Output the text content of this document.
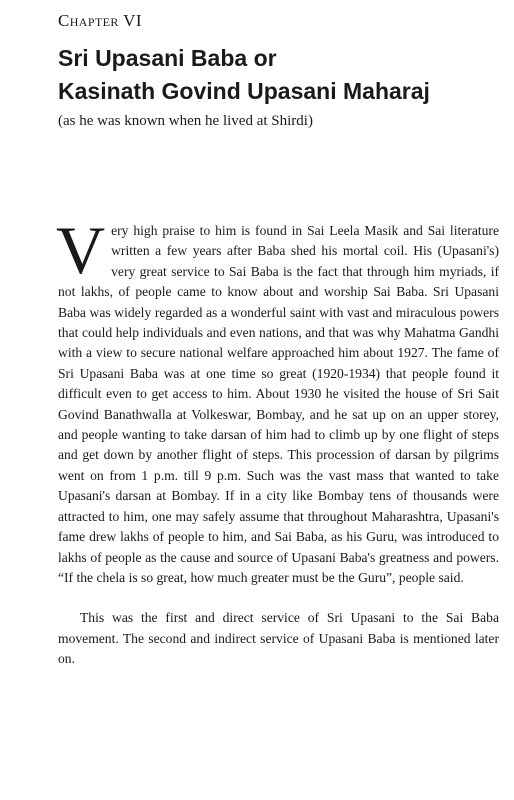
Chapter VI
Sri Upasani Baba or
Kasinath Govind Upasani Maharaj
(as he was known when he lived at Shirdi)

Very high praise to him is found in Sai Leela Masik and Sai literature written a few years after Baba shed his mortal coil. His (Upasani's) very great service to Sai Baba is the fact that through him myriads, if not lakhs, of people came to know about and worship Sai Baba. Sri Upasani Baba was widely regarded as a wonderful saint with vast and miraculous powers that could help individuals and even nations, and that was why Mahatma Gandhi with a view to secure national welfare approached him about 1927. The fame of Sri Upasani Baba was at one time so great (1920-1934) that people found it difficult even to get access to him. About 1930 he visited the house of Sri Sait Govind Banathwalla at Volkeswar, Bombay, and he sat up on an upper storey, and people wanting to take darsan of him had to climb up by one flight of steps and get down by another flight of steps. This procession of darsan by pilgrims went on from 1 p.m. till 9 p.m. Such was the vast mass that wanted to take Upasani's darsan at Bombay. If in a city like Bombay tens of thousands were attracted to him, one may safely assume that throughout Maharashtra, Upasani's fame drew lakhs of people to him, and Sai Baba, as his Guru, was introduced to lakhs of people as the cause and source of Upasani Baba's greatness and powers. “If the chela is so great, how much greater must be the Guru”, people said.

This was the first and direct service of Sri Upasani to the Sai Baba movement. The second and indirect service of Upasani Baba is mentioned later on.
